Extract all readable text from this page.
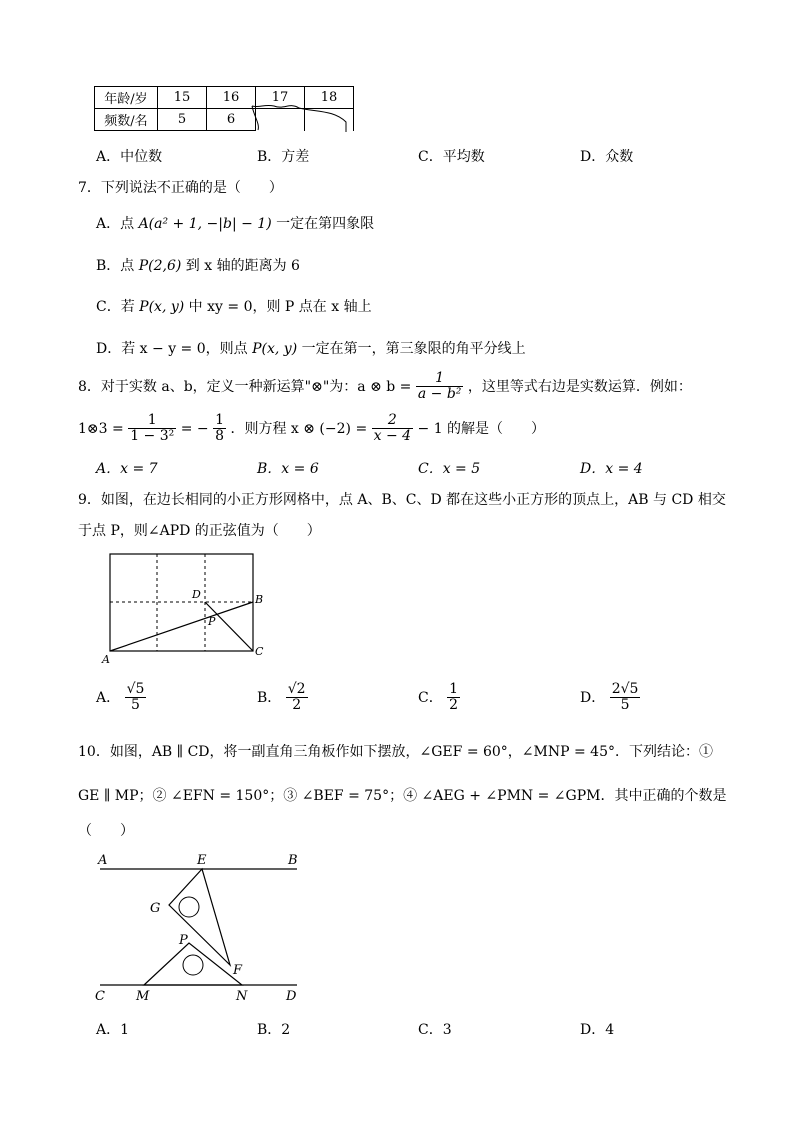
年龄/岁	15	16	17	18
频数/名	5	6		
A．中位数	B．方差	C．平均数	D．众数
7．下列说法不正确的是（　　）
A．点 A(a² + 1, −|b| − 1) 一定在第四象限
B．点 P(2,6) 到 x 轴的距离为 6
C．若 P(x, y) 中 xy = 0，则 P 点在 x 轴上
D．若 x − y = 0，则点 P(x, y) 一定在第一，第三象限的角平分线上
8．对于实数 a、b，定义一种新运算"⊗"为：a ⊗ $b = \frac{1}{\text{a − b²}}$ ，这里等式右边是实数运算．例如：
1⊗3 = $\frac{1}{\text{1 − 3²}}$ = − $\frac{1}{8}$ ．则方程 x ⊗ $(-2) = \frac{2}{x - 4} - 1$ 的解是（　　）
A．x = 7	B．x = 6	C．x = 5	D．x = 4
9．如图，在边长相同的小正方形网格中，点 A、B、C、D 都在这些小正方形的顶点上，AB 与 CD 相交
于点 P，则∠APD 的正弦值为（　　）
A
B
C
D
P
A． $\frac{√5}{5}$	B． $\frac{√2}{2}$	C． $\frac{1}{2}$	D． $\frac{2√5}{5}$
10．如图，AB ∥ CD，将一副直角三角板作如下摆放，∠GEF = 60°，∠MNP = 45°．下列结论：①
GE ∥ MP；② ∠EFN = 150°；③ ∠BEF = 75°；④ ∠AEG + ∠PMN = ∠GPM．其中正确的个数是
（　　）
A	E	B
G
P
F
C M	N	D
A．1	B．2	C．3	D．4
